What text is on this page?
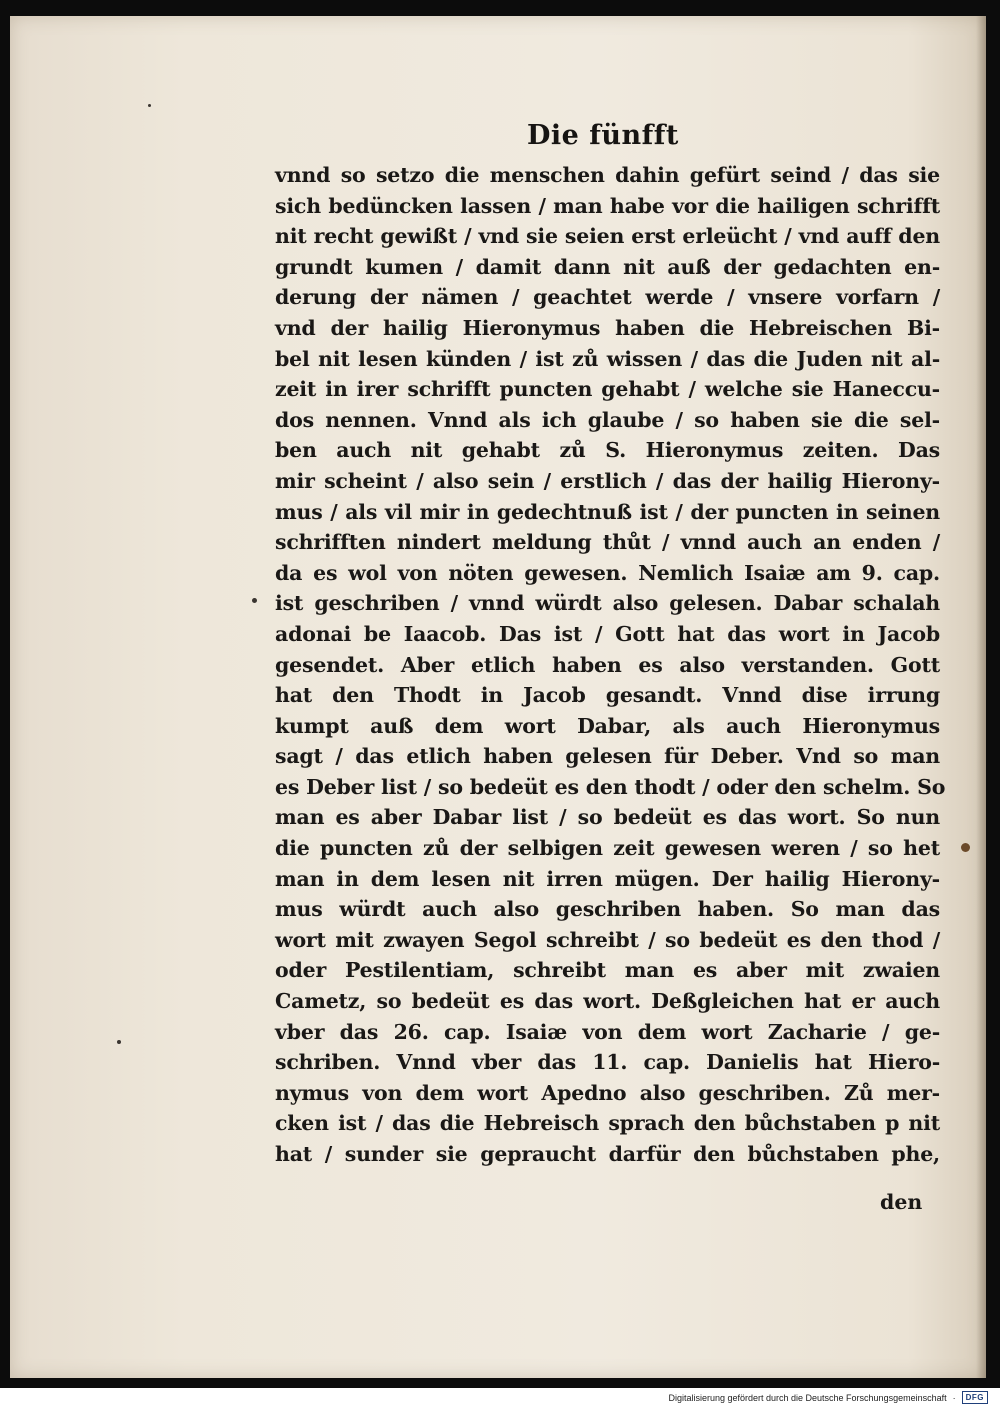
Die fünfft
vnnd so setzo die menschen dahin gefürt seind / das sie
sich bedüncken lassen / man habe vor die hailigen schrifft
nit recht gewißt / vnd sie seien erst erleücht / vnd auff den
grundt kumen / damit dann nit auß der gedachten en-
derung der nämen / geachtet werde / vnsere vorfarn /
vnd der hailig Hieronymus haben die Hebreischen Bi-
bel nit lesen künden / ist zů wissen / das die Juden nit al-
zeit in irer schrifft puncten gehabt / welche sie Haneccu-
dos nennen. Vnnd als ich glaube / so haben sie die sel-
ben auch nit gehabt zů S. Hieronymus zeiten. Das
mir scheint / also sein / erstlich / das der hailig Hierony-
mus / als vil mir in gedechtnuß ist / der puncten in seinen
schrifften nindert meldung thůt / vnnd auch an enden /
da es wol von nöten gewesen. Nemlich Isaiæ am 9. cap.
ist geschriben / vnnd würdt also gelesen. Dabar schalah
adonai be Iaacob. Das ist / Gott hat das wort in Jacob
gesendet. Aber etlich haben es also verstanden. Gott
hat den Thodt in Jacob gesandt. Vnnd dise irrung
kumpt auß dem wort Dabar, als auch Hieronymus
sagt / das etlich haben gelesen für Deber. Vnd so man
es Deber list / so bedeüt es den thodt / oder den schelm. So
man es aber Dabar list / so bedeüt es das wort. So nun
die puncten zů der selbigen zeit gewesen weren / so het
man in dem lesen nit irren mügen. Der hailig Hierony-
mus würdt auch also geschriben haben. So man das
wort mit zwayen Segol schreibt / so bedeüt es den thod /
oder Pestilentiam, schreibt man es aber mit zwaien
Cametz, so bedeüt es das wort. Deßgleichen hat er auch
vber das 26. cap. Isaiæ von dem wort Zacharie / ge-
schriben. Vnnd vber das 11. cap. Danielis hat Hiero-
nymus von dem wort Apedno also geschriben. Zů mer-
cken ist / das die Hebreisch sprach den bůchstaben p nit
hat / sunder sie gepraucht darfür den bůchstaben phe,
den
Digitalisierung gefördert durch die Deutsche Forschungsgemeinschaft ·	DFG
